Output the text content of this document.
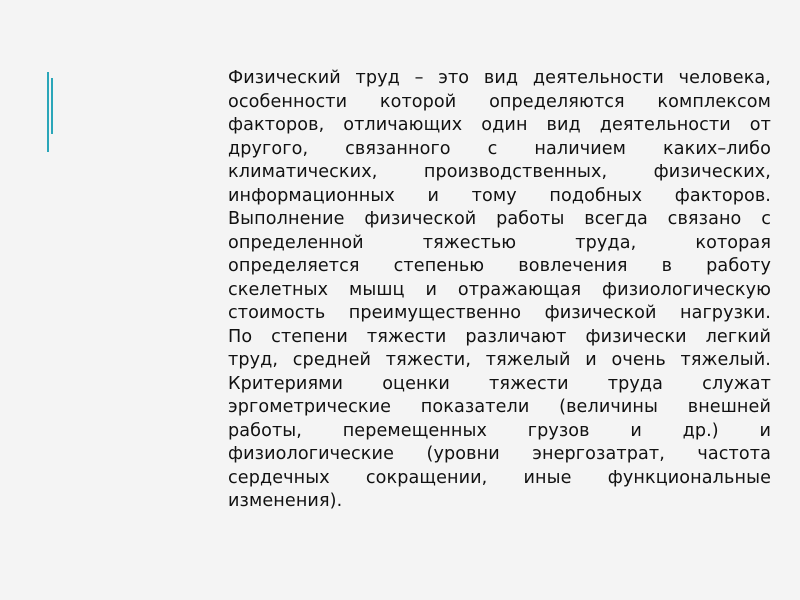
Физический труд – это вид деятельности человека,
особенности которой определяются комплексом
факторов, отличающих один вид деятельности от
другого, связанного с наличием каких–либо
климатических, производственных, физических,
информационных и тому подобных факторов.
Выполнение физической работы всегда связано с
определенной тяжестью труда, которая
определяется степенью вовлечения в работу
скелетных мышц и отражающая физиологическую
стоимость преимущественно физической нагрузки.
По степени тяжести различают физически легкий
труд, средней тяжести, тяжелый и очень тяжелый.
Критериями оценки тяжести труда служат
эргометрические показатели (величины внешней
работы, перемещенных грузов и др.) и
физиологические (уровни энергозатрат, частота
сердечных сокращении, иные функциональные
изменения).
